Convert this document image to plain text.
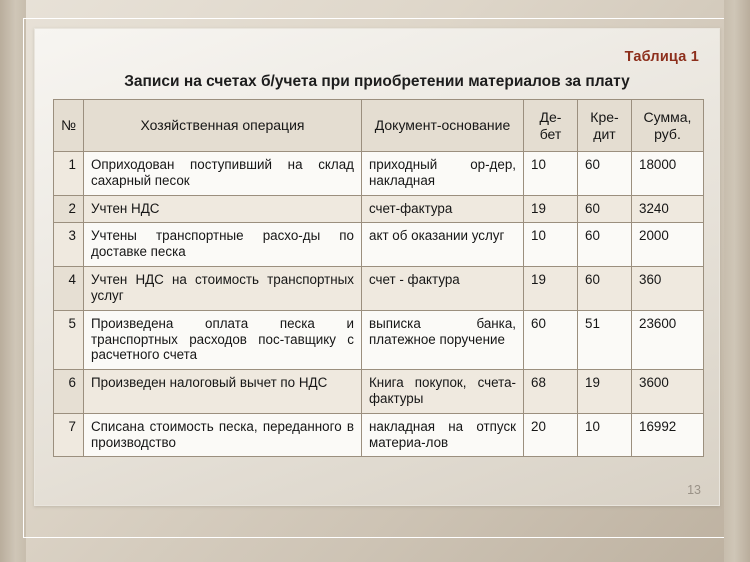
Таблица 1
Записи на счетах б/учета при приобретении материалов за плату
№	Хозяйственная операция	Документ-основание	Де-бет	Кре-дит	Сумма, руб.
1	Оприходован поступивший на склад сахарный песок	приходный ор-дер, накладная	10	60	18000
2	Учтен НДС	счет-фактура	19	60	3240
3	Учтены транспортные расхо-ды по доставке песка	акт об оказании услуг	10	60	2000
4	Учтен НДС на стоимость транспортных услуг	счет - фактура	19	60	360
5	Произведена оплата песка и транспортных расходов пос-тавщику с расчетного счета	выписка банка, платежное поручение	60	51	23600
6	Произведен налоговый вычет по НДС	Книга покупок, счета-фактуры	68	19	3600
7	Списана стоимость песка, переданного в производство	накладная на отпуск материа-лов	20	10	16992
13
